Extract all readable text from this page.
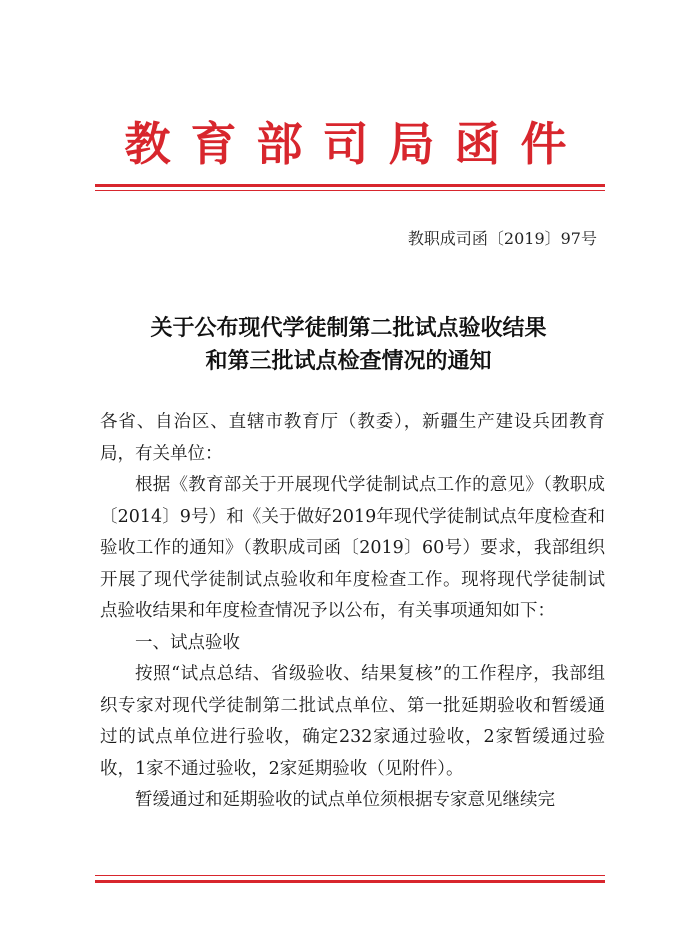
教育部司局函件
教职成司函〔2019〕97号
关于公布现代学徒制第二批试点验收结果
和第三批试点检查情况的通知

各省、自治区、直辖市教育厅（教委），新疆生产建设兵团教育局，有关单位：

根据《教育部关于开展现代学徒制试点工作的意见》（教职成〔2014〕9号）和《关于做好2019年现代学徒制试点年度检查和验收工作的通知》（教职成司函〔2019〕60号）要求，我部组织开展了现代学徒制试点验收和年度检查工作。现将现代学徒制试点验收结果和年度检查情况予以公布，有关事项通知如下：

一、试点验收

按照“试点总结、省级验收、结果复核”的工作程序，我部组织专家对现代学徒制第二批试点单位、第一批延期验收和暂缓通过的试点单位进行验收，确定232家通过验收，2家暂缓通过验收，1家不通过验收，2家延期验收（见附件）。

暂缓通过和延期验收的试点单位须根据专家意见继续完
